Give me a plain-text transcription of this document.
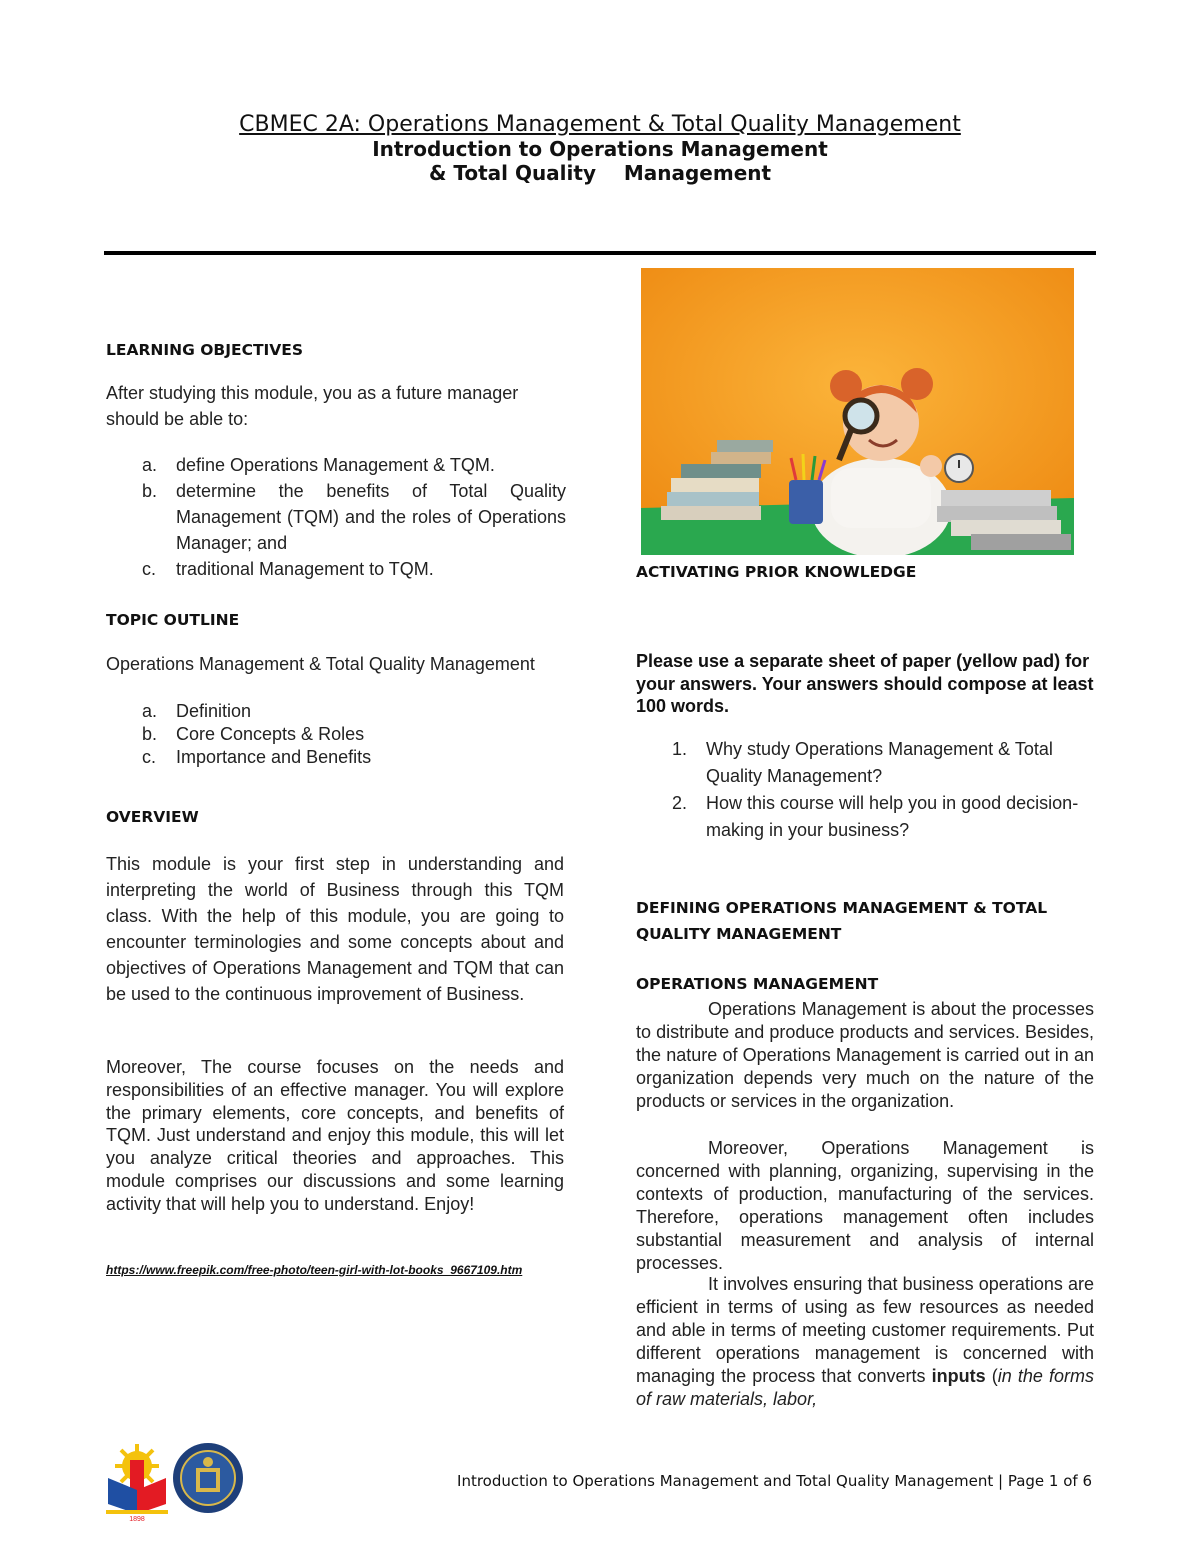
CBMEC 2A: Operations Management & Total Quality Management
Introduction to Operations Management
& Total Quality    Management
LEARNING OBJECTIVES
After studying this module, you as a future manager should be able to:
a. define Operations Management & TQM.
b. determine the benefits of Total Quality Management (TQM) and the roles of Operations Manager; and
c. traditional Management to TQM.
TOPIC OUTLINE
Operations Management & Total Quality Management
a. Definition
b. Core Concepts & Roles
c. Importance and Benefits
OVERVIEW
This module is your first step in understanding and interpreting the world of Business through this TQM class. With the help of this module, you are going to encounter terminologies and some concepts about and objectives of Operations Management and TQM that can be used to the continuous improvement of Business.
Moreover, The course focuses on the needs and responsibilities of an effective manager. You will explore the primary elements, core concepts, and benefits of TQM. Just understand and enjoy this module, this will let you analyze critical theories and approaches. This module comprises our discussions and some learning activity that will help you to understand. Enjoy!
https://www.freepik.com/free-photo/teen-girl-with-lot-books_9667109.htm
ACTIVATING PRIOR KNOWLEDGE
Please use a separate sheet of paper (yellow pad) for your answers. Your answers should compose at least 100 words.
1. Why study Operations Management & Total Quality Management?
2. How this course will help you in good decision-making in your business?
DEFINING OPERATIONS MANAGEMENT & TOTAL QUALITY MANAGEMENT
OPERATIONS MANAGEMENT
Operations Management is about the processes to distribute and produce products and services. Besides, the nature of Operations Management is carried out in an organization depends very much on the nature of the products or services in the organization.
Moreover, Operations Management is concerned with planning, organizing, supervising in the contexts of production, manufacturing of the services. Therefore, operations management often includes substantial measurement and analysis of internal processes.
It involves ensuring that business operations are efficient in terms of using as few resources as needed and able in terms of meeting customer requirements. Put different operations management is concerned with managing the process that converts inputs (in the forms of raw materials, labor,
1898
Introduction to Operations Management and Total Quality Management | Page 1 of 6
